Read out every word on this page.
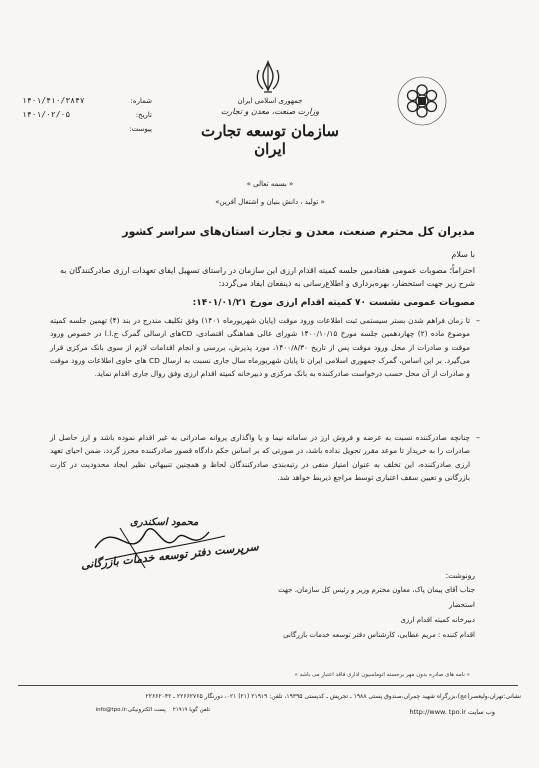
۱۴۰۱/۴۱۰/۳۸۴۷	شماره:
۱۴۰۱/۰۲/۰۵	تاریخ:
پیوست:
جمهوری اسلامی ایران
وزارت صنعت، معدن و تجارت
سازمان توسعه تجارت ایران
« بسمه تعالی »
« تولید ، دانش بنیان و اشتغال آفرین»
مدیران کل محترم صنعت، معدن و تجارت استان‌های سراسر کشور
با سلام
احتراماً؛ مصوبات عمومی هفتادمین جلسه کمیته اقدام ارزی این سازمان در راستای تسهیل ایفای تعهدات ارزی صادرکنندگان به شرح زیر جهت استحضار، بهره‌برداری و اطلاع‌رسانی به ذینفعان ایفاد می‌گردد:
مصوبات عمومی نشست ۷۰ کمیته اقدام ارزی مورخ ۱۴۰۱/۰۱/۲۱:
–
تا زمان فراهم شدن بستر سیستمی ثبت اطلاعات ورود موقت (پایان شهریورماه ۱۴۰۱) وفق تکلیف مندرج در بند (۴) تهمین جلسه کمیته موضوع ماده (۲) چهاردهمین جلسه مورخ ۱۴۰۰/۱۰/۱۵ شورای عالی هماهنگی اقتصادی، CDهای ارسالی گمرک ج.ا.ا در خصوص ورود موقت و صادرات از محل ورود موقت پس از تاریخ ۱۴۰۰/۸/۳۰، مورد پذیرش، بررسی و انجام اقدامات لازم از سوی بانک مرکزی قرار می‌گیرد. بر این اساس، گمرک جمهوری اسلامی ایران تا پایان شهریورماه سال جاری نسبت به ارسال CD های حاوی اطلاعات ورود موقت و صادرات از آن محل حسب درخواست صادرکننده به بانک مرکزی و دبیرخانه کمیته اقدام ارزی وفق روال جاری اقدام نماید.
–
چنانچه صادرکننده نسبت به عرضه و فروش ارز در سامانه نیما و یا واگذاری پروانه صادراتی به غیر اقدام نموده باشد و ارز حاصل از صادرات را به خریدار تا موعد مقرر تحویل نداده باشد، در صورتی که بر اساس حکم دادگاه قصور صادرکننده محرز گردد، ضمن احیای تعهد ارزی صادرکننده، این تخلف به عنوان امتیاز منفی در رتبه‌بندی صادرکنندگان لحاظ و همچنین تنبیهاتی نظیر ایجاد محدودیت در کارت بازرگانی و تعیین سقف اعتباری توسط مراجع ذیربط خواهد شد.
محمود اسکندری
سرپرست دفتر توسعه خدمات بازرگانی
رونوشت:
جناب آقای پیمان پاک، معاون محترم وزیر و رئیس کل سازمان، جهت
استحضار
دبیرخانه کمیته اقدام ارزی
اقدام کننده : مریم عطایی، کارشناس دفتر توسعه خدمات بازرگانی
« نامه های صادره بدون مهر برجسته اتوماسیون اداری فاقد اعتبار می باشد »
نشانی:تهران،ولیعصر(عج)،بزرگراه شهید چمران،صندوق پستی ۱۹۸۸ ـ تجریش ـ کدپستی ۱۹۳۹۵، تلفن: ۲۱۹۱۹ (۲۱) ۰۲۱، دورنگار ۲۲۶۶۲۷۶۵ ـ ۲۲۶۶۲۰۴۲
تلفن گویا ۲۱۹۱۹    پست الکترونیکی:info@tpo.ir	وب سایت http://www. tpo.ir
